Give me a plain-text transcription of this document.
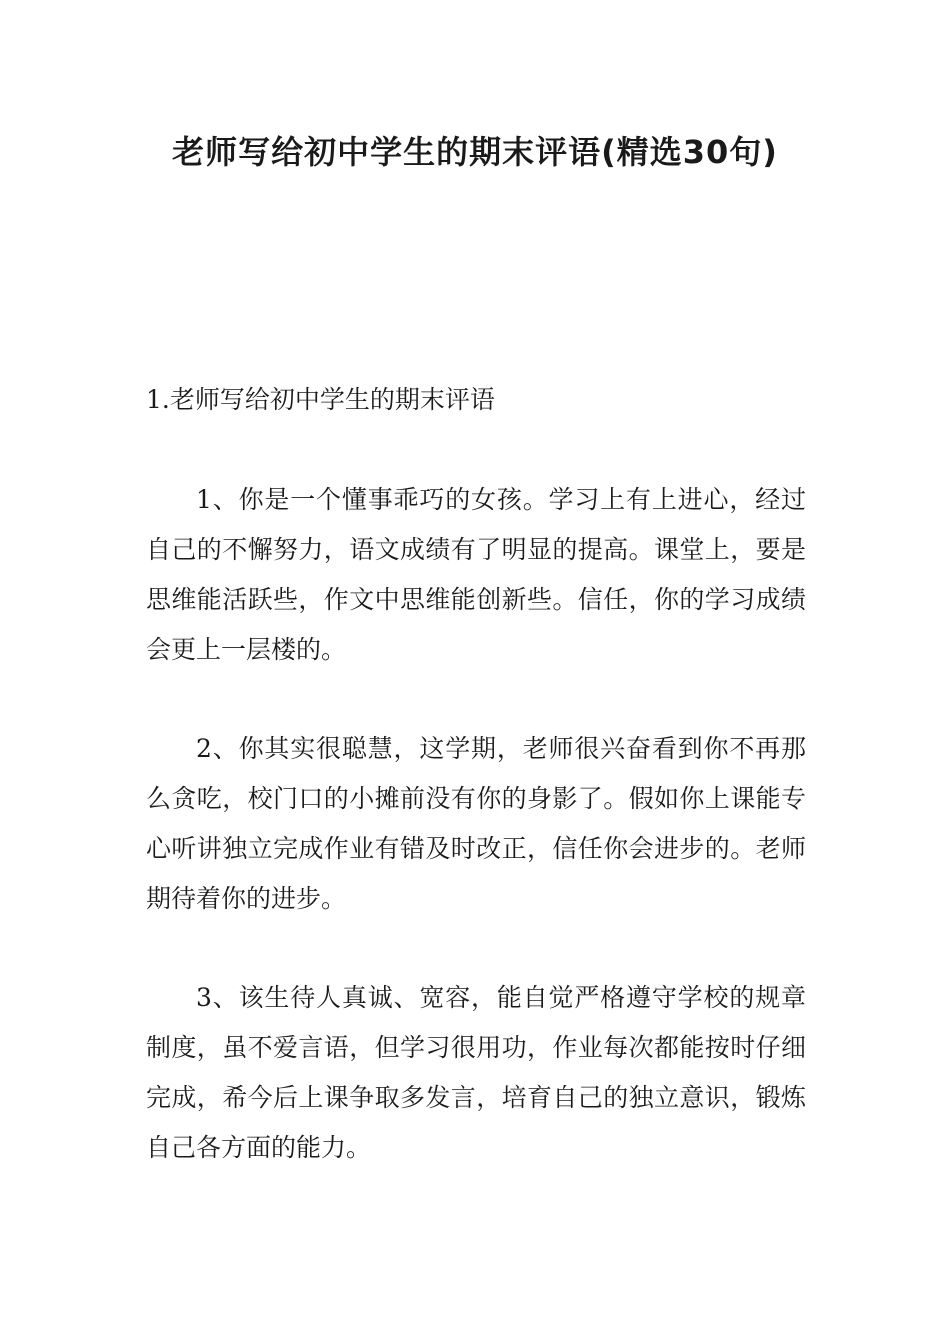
老师写给初中学生的期末评语(精选30句)

1.老师写给初中学生的期末评语

1、你是一个懂事乖巧的女孩。学习上有上进心，经过自己的不懈努力，语文成绩有了明显的提高。课堂上，要是思维能活跃些，作文中思维能创新些。信任，你的学习成绩会更上一层楼的。

2、你其实很聪慧，这学期，老师很兴奋看到你不再那么贪吃，校门口的小摊前没有你的身影了。假如你上课能专心听讲独立完成作业有错及时改正，信任你会进步的。老师期待着你的进步。

3、该生待人真诚、宽容，能自觉严格遵守学校的规章制度，虽不爱言语，但学习很用功，作业每次都能按时仔细完成，希今后上课争取多发言，培育自己的独立意识，锻炼自己各方面的能力。
